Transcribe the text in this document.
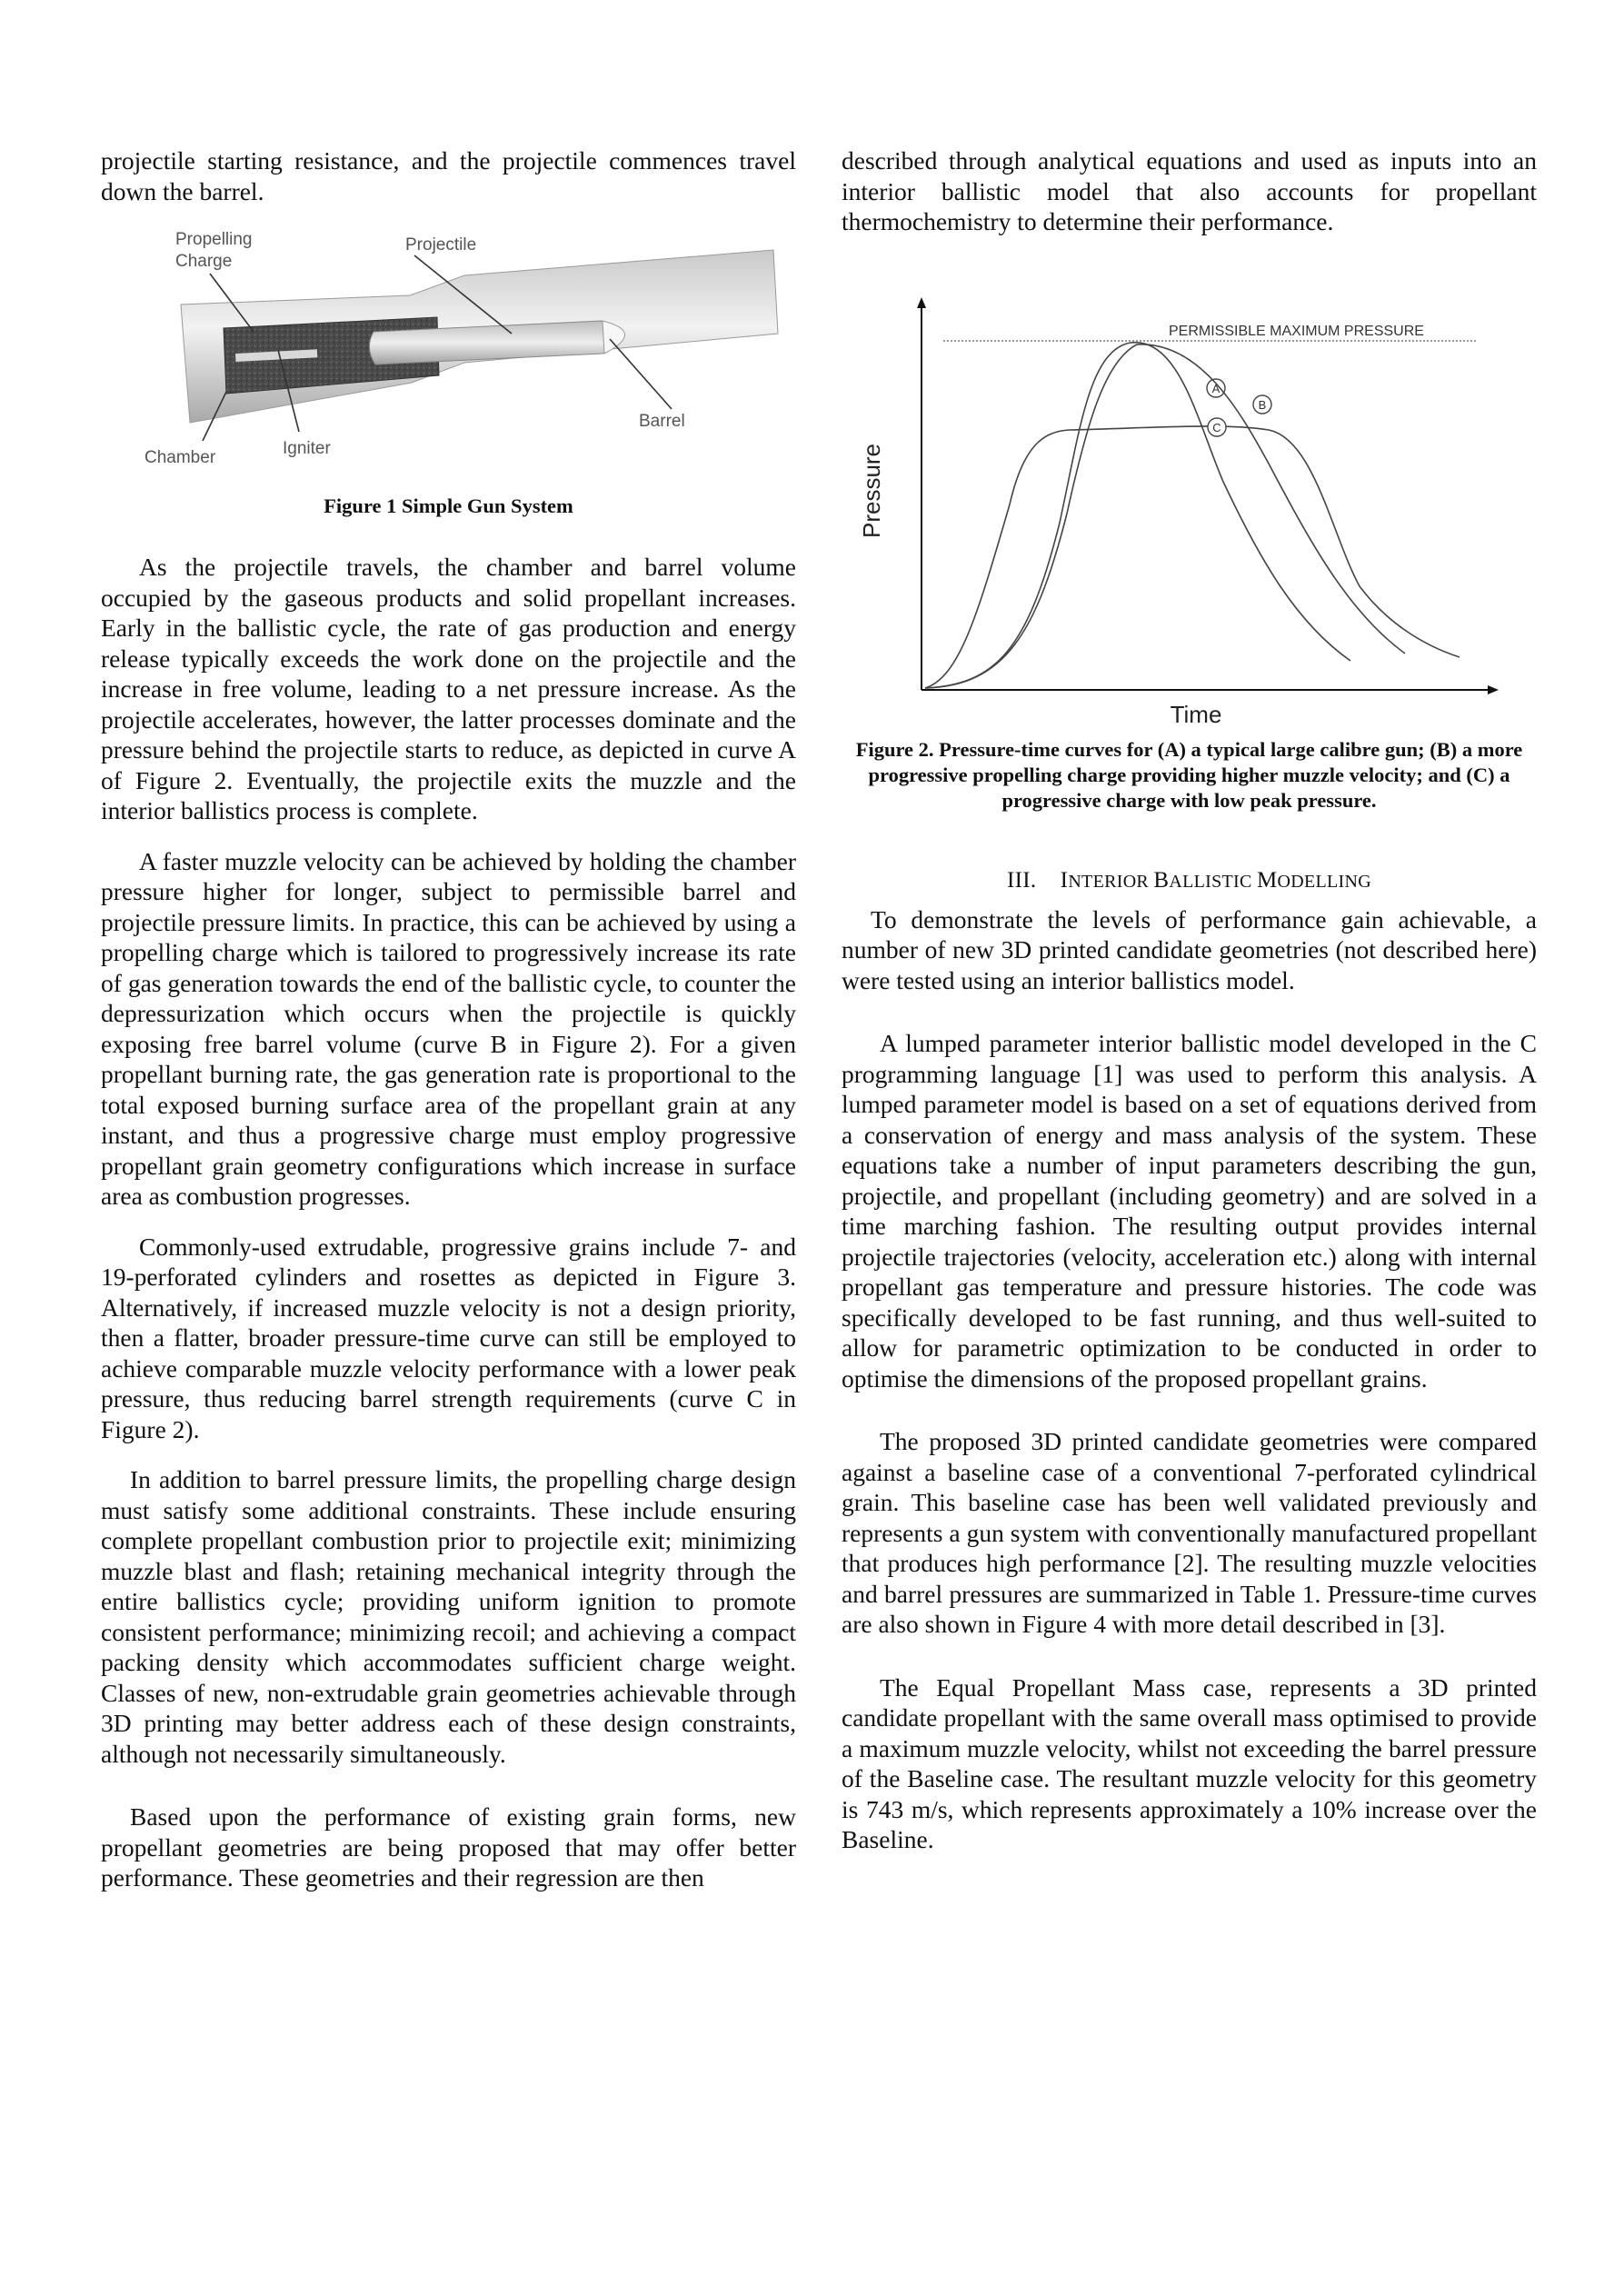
projectile starting resistance, and the projectile commences travel down the barrel.

Propelling
Charge
Projectile
Barrel
Chamber	Igniter

Figure 1 Simple Gun System

As the projectile travels, the chamber and barrel volume occupied by the gaseous products and solid propellant increases. Early in the ballistic cycle, the rate of gas production and energy release typically exceeds the work done on the projectile and the increase in free volume, leading to a net pressure increase. As the projectile accelerates, however, the latter processes dominate and the pressure behind the projectile starts to reduce, as depicted in curve A of Figure 2. Eventually, the projectile exits the muzzle and the interior ballistics process is complete.

A faster muzzle velocity can be achieved by holding the chamber pressure higher for longer, subject to permissible barrel and projectile pressure limits. In practice, this can be achieved by using a propelling charge which is tailored to progressively increase its rate of gas generation towards the end of the ballistic cycle, to counter the depressurization which occurs when the projectile is quickly exposing free barrel volume (curve B in Figure 2). For a given propellant burning rate, the gas generation rate is proportional to the total exposed burning surface area of the propellant grain at any instant, and thus a progressive charge must employ progressive propellant grain geometry configurations which increase in surface area as combustion progresses.

Commonly-used extrudable, progressive grains include 7- and 19-perforated cylinders and rosettes as depicted in Figure 3. Alternatively, if increased muzzle velocity is not a design priority, then a flatter, broader pressure-time curve can still be employed to achieve comparable muzzle velocity performance with a lower peak pressure, thus reducing barrel strength requirements (curve C in Figure 2).

In addition to barrel pressure limits, the propelling charge design must satisfy some additional constraints. These include ensuring complete propellant combustion prior to projectile exit; minimizing muzzle blast and flash; retaining mechanical integrity through the entire ballistics cycle; providing uniform ignition to promote consistent performance; minimizing recoil; and achieving a compact packing density which accommodates sufficient charge weight. Classes of new, non-extrudable grain geometries achievable through 3D printing may better address each of these design constraints, although not necessarily simultaneously.

Based upon the performance of existing grain forms, new propellant geometries are being proposed that may offer better performance. These geometries and their regression are then

described through analytical equations and used as inputs into an interior ballistic model that also accounts for propellant thermochemistry to determine their performance.

PERMISSIBLE MAXIMUM PRESSURE
Pressure
Time
A
B
C

Figure 2. Pressure-time curves for (A) a typical large calibre gun; (B) a more progressive propelling charge providing higher muzzle velocity; and (C) a progressive charge with low peak pressure.

III. INTERIOR BALLISTIC MODELLING

To demonstrate the levels of performance gain achievable, a number of new 3D printed candidate geometries (not described here) were tested using an interior ballistics model.

A lumped parameter interior ballistic model developed in the C programming language [1] was used to perform this analysis. A lumped parameter model is based on a set of equations derived from a conservation of energy and mass analysis of the system. These equations take a number of input parameters describing the gun, projectile, and propellant (including geometry) and are solved in a time marching fashion. The resulting output provides internal projectile trajectories (velocity, acceleration etc.) along with internal propellant gas temperature and pressure histories. The code was specifically developed to be fast running, and thus well-suited to allow for parametric optimization to be conducted in order to optimise the dimensions of the proposed propellant grains.

The proposed 3D printed candidate geometries were compared against a baseline case of a conventional 7-perforated cylindrical grain. This baseline case has been well validated previously and represents a gun system with conventionally manufactured propellant that produces high performance [2]. The resulting muzzle velocities and barrel pressures are summarized in Table 1. Pressure-time curves are also shown in Figure 4 with more detail described in [3].

The Equal Propellant Mass case, represents a 3D printed candidate propellant with the same overall mass optimised to provide a maximum muzzle velocity, whilst not exceeding the barrel pressure of the Baseline case. The resultant muzzle velocity for this geometry is 743 m/s, which represents approximately a 10% increase over the Baseline.
